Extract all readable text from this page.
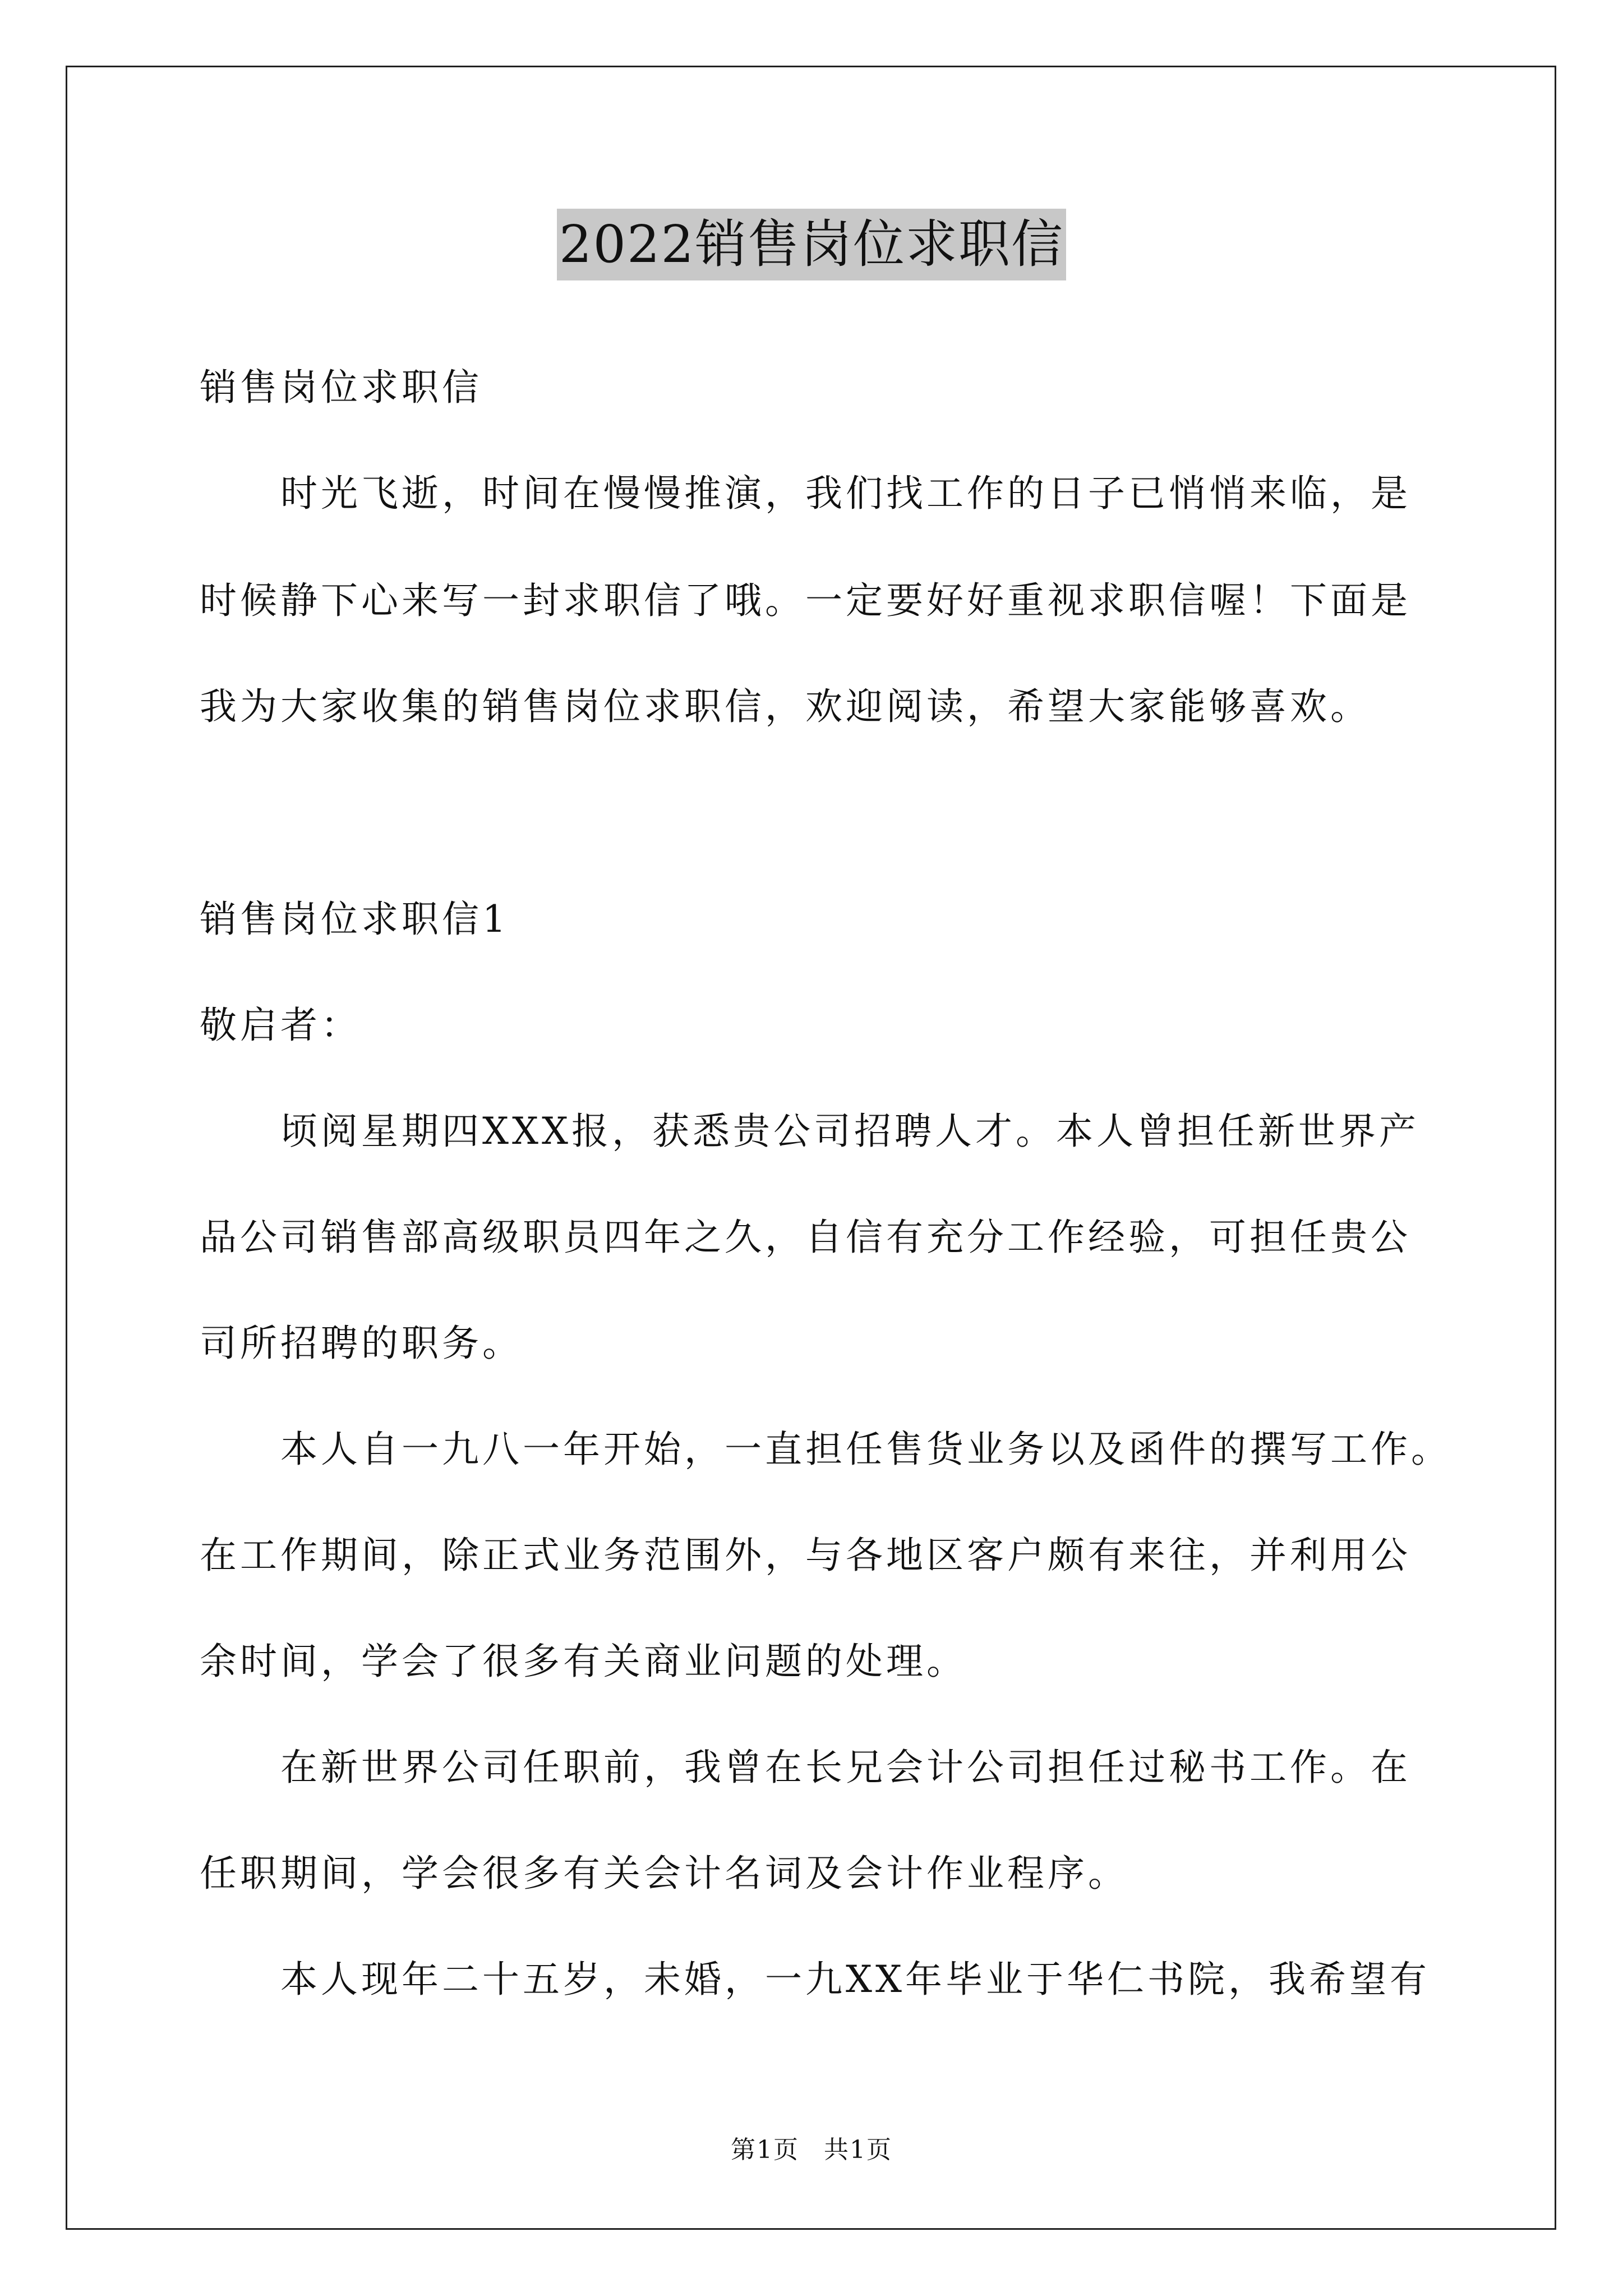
2022销售岗位求职信
销售岗位求职信
　　时光飞逝，时间在慢慢推演，我们找工作的日子已悄悄来临，是
时候静下心来写一封求职信了哦。一定要好好重视求职信喔！下面是
我为大家收集的销售岗位求职信，欢迎阅读，希望大家能够喜欢。
销售岗位求职信1
敬启者：
　　顷阅星期四XXX报，获悉贵公司招聘人才。本人曾担任新世界产
品公司销售部高级职员四年之久，自信有充分工作经验，可担任贵公
司所招聘的职务。
　　本人自一九八一年开始，一直担任售货业务以及函件的撰写工作。
在工作期间，除正式业务范围外，与各地区客户颇有来往，并利用公
余时间，学会了很多有关商业问题的处理。
　　在新世界公司任职前，我曾在长兄会计公司担任过秘书工作。在
任职期间，学会很多有关会计名词及会计作业程序。
　　本人现年二十五岁，未婚，一九XX年毕业于华仁书院，我希望有
第1页 共1页
